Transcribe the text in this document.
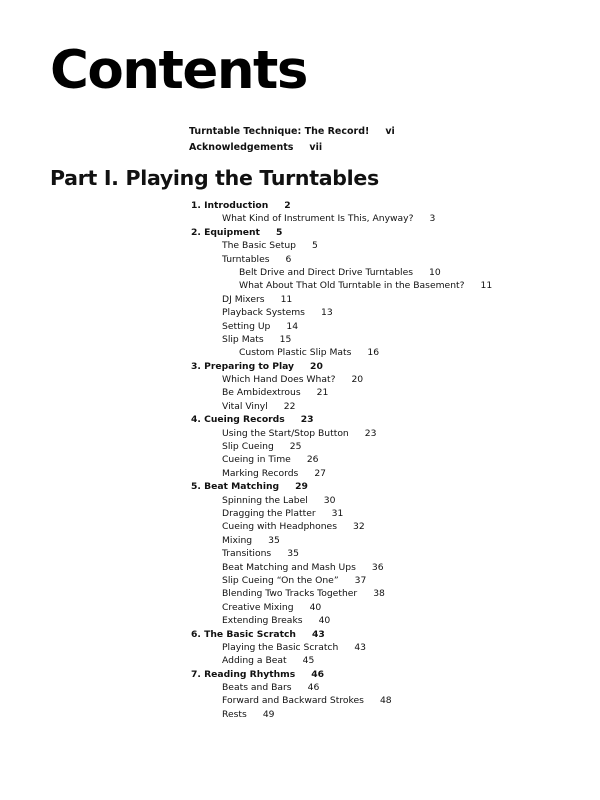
Contents
Turntable Technique: The Record! vi
Acknowledgements vii
Part I. Playing the Turntables
1. Introduction 2
What Kind of Instrument Is This, Anyway? 3
2. Equipment 5
The Basic Setup 5
Turntables 6
Belt Drive and Direct Drive Turntables 10
What About That Old Turntable in the Basement? 11
DJ Mixers 11
Playback Systems 13
Setting Up 14
Slip Mats 15
Custom Plastic Slip Mats 16
3. Preparing to Play 20
Which Hand Does What? 20
Be Ambidextrous 21
Vital Vinyl 22
4. Cueing Records 23
Using the Start/Stop Button 23
Slip Cueing 25
Cueing in Time 26
Marking Records 27
5. Beat Matching 29
Spinning the Label 30
Dragging the Platter 31
Cueing with Headphones 32
Mixing 35
Transitions 35
Beat Matching and Mash Ups 36
Slip Cueing “On the One” 37
Blending Two Tracks Together 38
Creative Mixing 40
Extending Breaks 40
6. The Basic Scratch 43
Playing the Basic Scratch 43
Adding a Beat 45
7. Reading Rhythms 46
Beats and Bars 46
Forward and Backward Strokes 48
Rests 49
